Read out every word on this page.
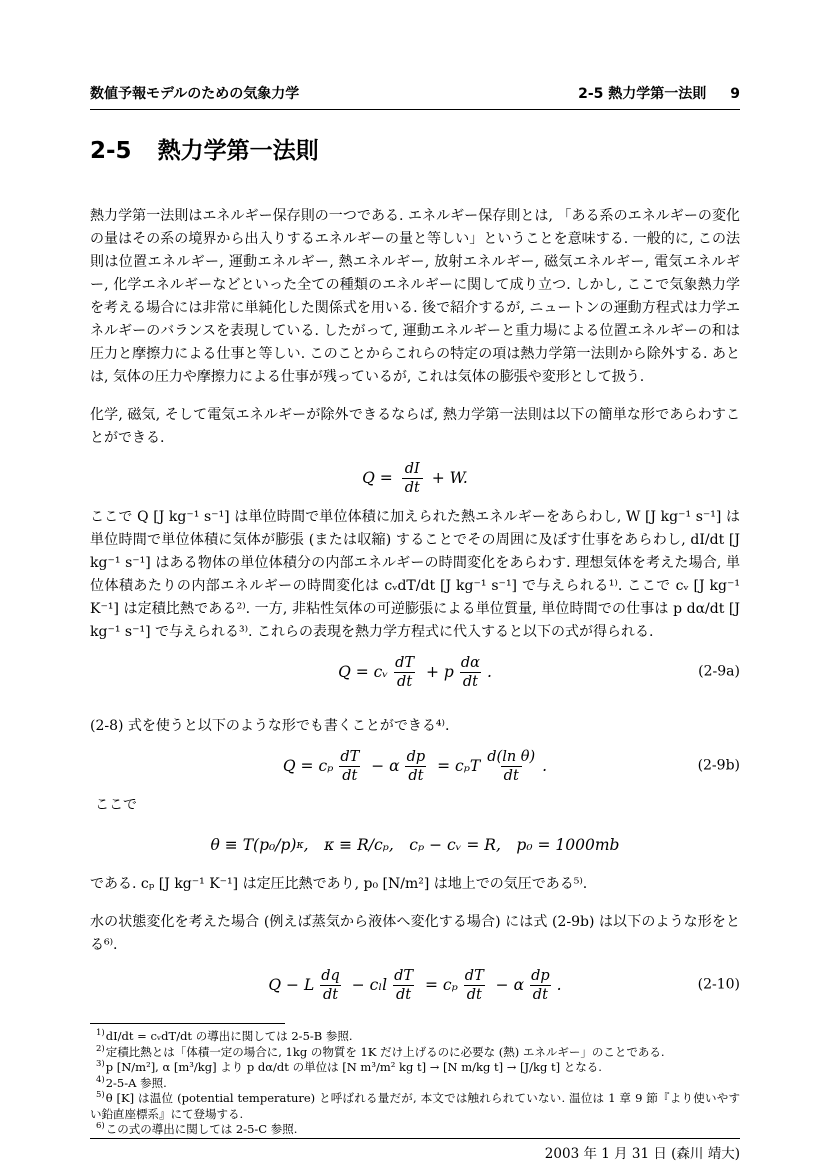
数値予報モデルのための気象力学	2-5 熱力学第一法則 9
2-5 熱力学第一法則

熱力学第一法則はエネルギー保存則の一つである. エネルギー保存則とは, 「ある系のエネルギーの変化の量はその系の境界から出入りするエネルギーの量と等しい」ということを意味する. 一般的に, この法則は位置エネルギー, 運動エネルギー, 熱エネルギー, 放射エネルギー, 磁気エネルギー, 電気エネルギー, 化学エネルギーなどといった全ての種類のエネルギーに関して成り立つ. しかし, ここで気象熱力学を考える場合には非常に単純化した関係式を用いる. 後で紹介するが, ニュートンの運動方程式は力学エネルギーのバランスを表現している. したがって, 運動エネルギーと重力場による位置エネルギーの和は圧力と摩擦力による仕事と等しい. このことからこれらの特定の項は熱力学第一法則から除外する. あとは, 気体の圧力や摩擦力による仕事が残っているが, これは気体の膨張や変形として扱う.

化学, 磁気, そして電気エネルギーが除外できるならば, 熱力学第一法則は以下の簡単な形であらわすことができる.

$Q = \frac{dI}{dt} + W$.

ここで Q [J kg⁻¹ s⁻¹] は単位時間で単位体積に加えられた熱エネルギーをあらわし, W [J kg⁻¹ s⁻¹] は単位時間で単位体積に気体が膨張 (または収縮) することでその周囲に及ぼす仕事をあらわし, dI/dt [J kg⁻¹ s⁻¹] はある物体の単位体積分の内部エネルギーの時間変化をあらわす. 理想気体を考えた場合, 単位体積あたりの内部エネルギーの時間変化は cᵥdT/dt [J kg⁻¹ s⁻¹] で与えられる¹⁾. ここで cᵥ [J kg⁻¹ K⁻¹] は定積比熱である²⁾. 一方, 非粘性気体の可逆膨張による単位質量, 単位時間での仕事は p dα/dt [J kg⁻¹ s⁻¹] で与えられる³⁾. これらの表現を熱力学方程式に代入すると以下の式が得られる.

Q = cᵥ $\frac{dT}{dt} + p \frac{d\alpha}{dt}$ .	(2-9a)

(2-8) 式を使うと以下のような形でも書くことができる⁴⁾.

Q = cₚ $\frac{dT}{dt} - \alpha \frac{dp}{dt} = c_pT \frac{\text{d(ln θ)}}{dt}$ .	(2-9b)

ここで

θ ≡ T(p₀/p) κ ,  κ ≡ R/cₚ,  cₚ − cᵥ = R,  p₀ = 1000mb

である. cₚ [J kg⁻¹ K⁻¹] は定圧比熱であり, p₀ [N/m²] は地上での気圧である⁵⁾.

水の状態変化を考えた場合 (例えば蒸気から液体へ変化する場合) には式 (2-9b) は以下のような形をとる⁶⁾.

Q − L $\frac{dq}{dt} - c_ll \frac{dT}{dt} = c_p \frac{dT}{dt} - \alpha \frac{dp}{dt}$ .	(2-10)
$^{1)}$dI/dt = cᵥdT/dt の導出に関しては 2-5-B 参照.
$^{2)}$定積比熱とは「体積一定の場合に, 1kg の物質を 1K だけ上げるのに必要な (熱) エネルギー」のことである.
$^{3)}$p [N/m²], α [m³/kg] より p dα/dt の単位は [N m³/m² kg t] → [N m/kg t] → [J/kg t] となる.
$^{4)}$2-5-A 参照.
$^{5)}$θ [K] は温位 (potential temperature) と呼ばれる量だが, 本文では触れられていない. 温位は 1 章 9 節『より使いやすい鉛直座標系』にて登場する.
$^{6)}$この式の導出に関しては 2-5-C 参照.
2003 年 1 月 31 日 (森川 靖大)
